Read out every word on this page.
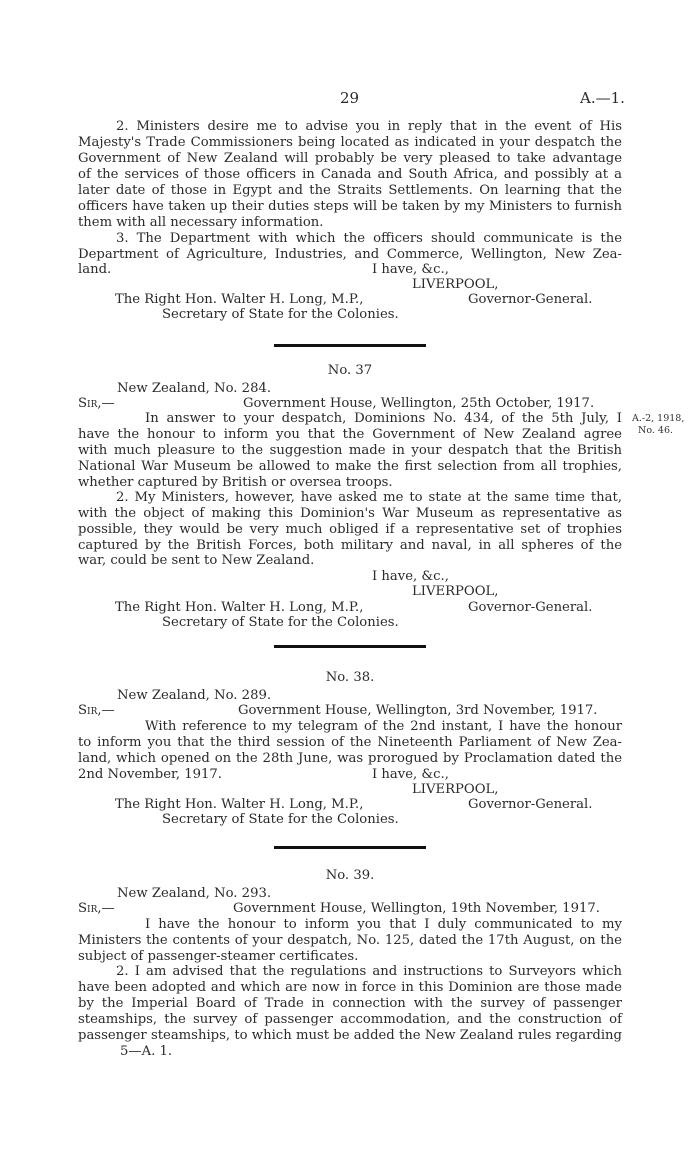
29	A.—1.
2. Ministers desire me to advise you in reply that in the event of His
Majesty's Trade Commissioners being located as indicated in your despatch the
Government of New Zealand will probably be very pleased to take advantage
of the services of those officers in Canada and South Africa, and possibly at a
later date of those in Egypt and the Straits Settlements. On learning that the
officers have taken up their duties steps will be taken by my Ministers to furnish
them with all necessary information.
3. The Department with which the officers should communicate is the
Department of Agriculture, Industries, and Commerce, Wellington, New Zea-
land.	I have, &c.,
LIVERPOOL,
The Right Hon. Walter H. Long, M.P.,	Governor-General.
Secretary of State for the Colonies.
No. 37
New Zealand, No. 284.
Sir,—	Government House, Wellington, 25th October, 1917.
A.-2, 1918,
No. 46.
In answer to your despatch, Dominions No. 434, of the 5th July, I
have the honour to inform you that the Government of New Zealand agree
with much pleasure to the suggestion made in your despatch that the British
National War Museum be allowed to make the first selection from all trophies,
whether captured by British or oversea troops.
2. My Ministers, however, have asked me to state at the same time that,
with the object of making this Dominion's War Museum as representative as
possible, they would be very much obliged if a representative set of trophies
captured by the British Forces, both military and naval, in all spheres of the
war, could be sent to New Zealand.
I have, &c.,
LIVERPOOL,
The Right Hon. Walter H. Long, M.P.,	Governor-General.
Secretary of State for the Colonies.
No. 38.
New Zealand, No. 289.
Sir,—	Government House, Wellington, 3rd November, 1917.
With reference to my telegram of the 2nd instant, I have the honour
to inform you that the third session of the Nineteenth Parliament of New Zea-
land, which opened on the 28th June, was prorogued by Proclamation dated the
2nd November, 1917.	I have, &c.,
LIVERPOOL,
The Right Hon. Walter H. Long, M.P.,	Governor-General.
Secretary of State for the Colonies.
No. 39.
New Zealand, No. 293.
Sir,—	Government House, Wellington, 19th November, 1917.
I have the honour to inform you that I duly communicated to my
Ministers the contents of your despatch, No. 125, dated the 17th August, on the
subject of passenger-steamer certificates.
2. I am advised that the regulations and instructions to Surveyors which
have been adopted and which are now in force in this Dominion are those made
by the Imperial Board of Trade in connection with the survey of passenger
steamships, the survey of passenger accommodation, and the construction of
passenger steamships, to which must be added the New Zealand rules regarding
5—A. 1.
